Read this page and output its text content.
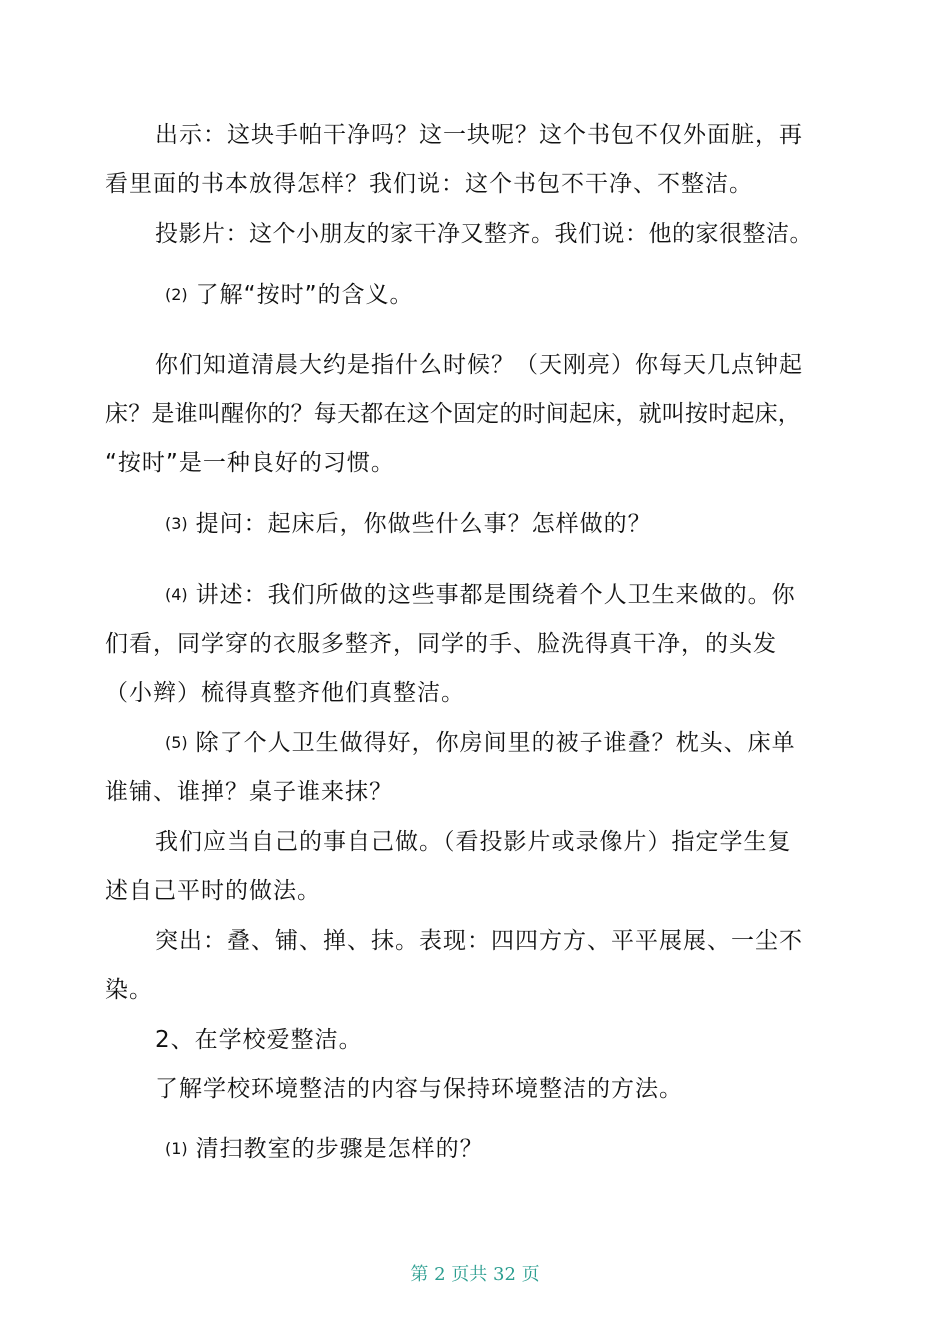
出示：这块手帕干净吗？这一块呢？这个书包不仅外面脏，再
看里面的书本放得怎样？我们说：这个书包不干净、不整洁。
投影片：这个小朋友的家干净又整齐。我们说：他的家很整洁。
(2) 了解“按时”的含义。
你们知道清晨大约是指什么时候？（天刚亮）你每天几点钟起
床？是谁叫醒你的？每天都在这个固定的时间起床，就叫按时起床，
“按时”是一种良好的习惯。
(3) 提问：起床后，你做些什么事？怎样做的？
(4) 讲述：我们所做的这些事都是围绕着个人卫生来做的。你
们看，同学穿的衣服多整齐，同学的手、脸洗得真干净，的头发
（小辫）梳得真整齐他们真整洁。
(5) 除了个人卫生做得好，你房间里的被子谁叠？枕头、床单
谁铺、谁掸？桌子谁来抹？
我们应当自己的事自己做。（看投影片或录像片）指定学生复
述自己平时的做法。
突出：叠、铺、掸、抹。表现：四四方方、平平展展、一尘不
染。
2、在学校爱整洁。
了解学校环境整洁的内容与保持环境整洁的方法。
(1) 清扫教室的步骤是怎样的？
第 2 页共 32 页
